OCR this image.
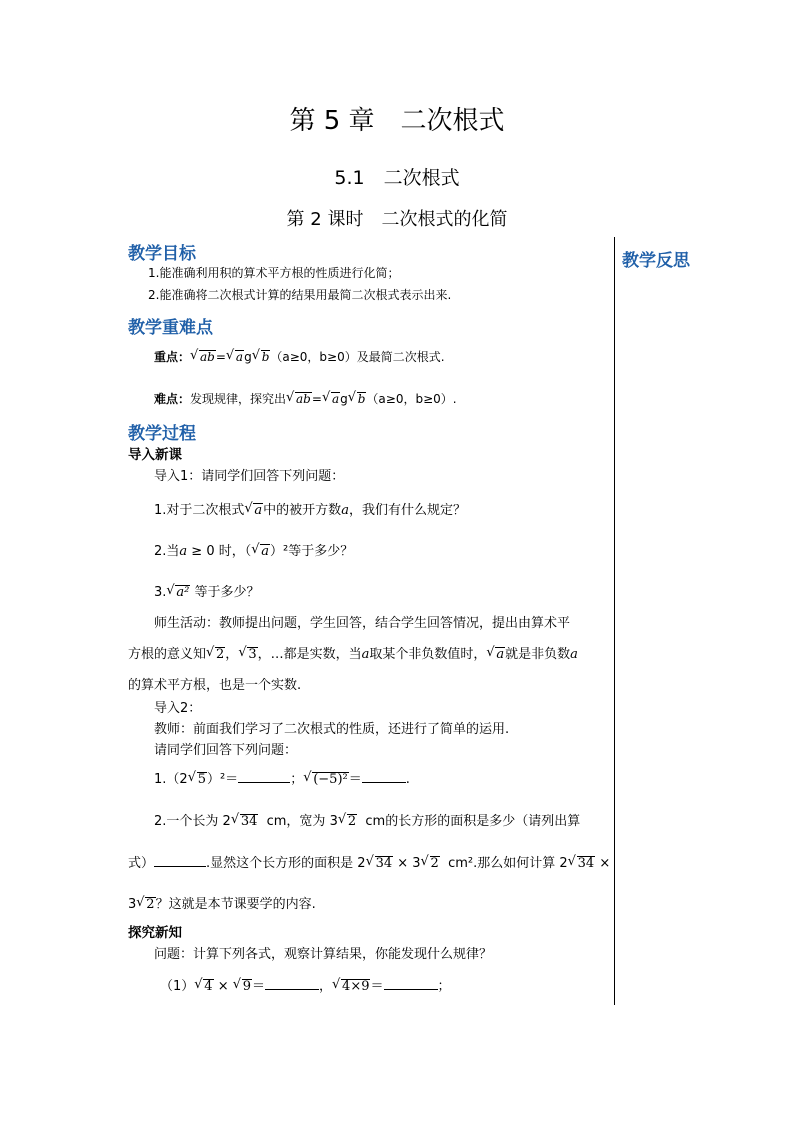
第 5 章　二次根式
5.1　二次根式
第 2 课时　二次根式的化简
教学反思
教学目标
1.能准确利用积的算术平方根的性质进行化简；
2.能准确将二次根式计算的结果用最简二次根式表示出来.
教学重难点
重点： √ ab= √ ag √ b（a≥0，b≥0）及最简二次根式.
难点：发现规律，探究出 √ ab= √ ag √ b（a≥0，b≥0）.
教学过程
导入新课
导入1：请同学们回答下列问题：
1.对于二次根式 √ a中的被开方数a，我们有什么规定？
2.当a ≥ 0 时，（ √ a）²等于多少？
3. √ a² 等于多少？
师生活动：教师提出问题，学生回答，结合学生回答情况，提出由算术平
方根的意义知 √ 2， √ 3，…都是实数，当a取某个非负数值时， √ a就是非负数a
的算术平方根，也是一个实数.
导入2：
教师：前面我们学习了二次根式的性质，还进行了简单的运用.
请同学们回答下列问题：
1.（2 √ 5）²＝	； √ (−5)²＝	.
2.一个长为 2 √ 34 cm，宽为 3 √ 2 cm的长方形的面积是多少（请列出算
式）	.显然这个长方形的面积是 2 √ 34 × 3 √ 2 cm².那么如何计算 2 √ 34 ×
3 √ 2？这就是本节课要学的内容.
探究新知
问题：计算下列各式，观察计算结果，你能发现什么规律？
（1） √ 4 × √ 9＝	， √ 4×9＝	；
